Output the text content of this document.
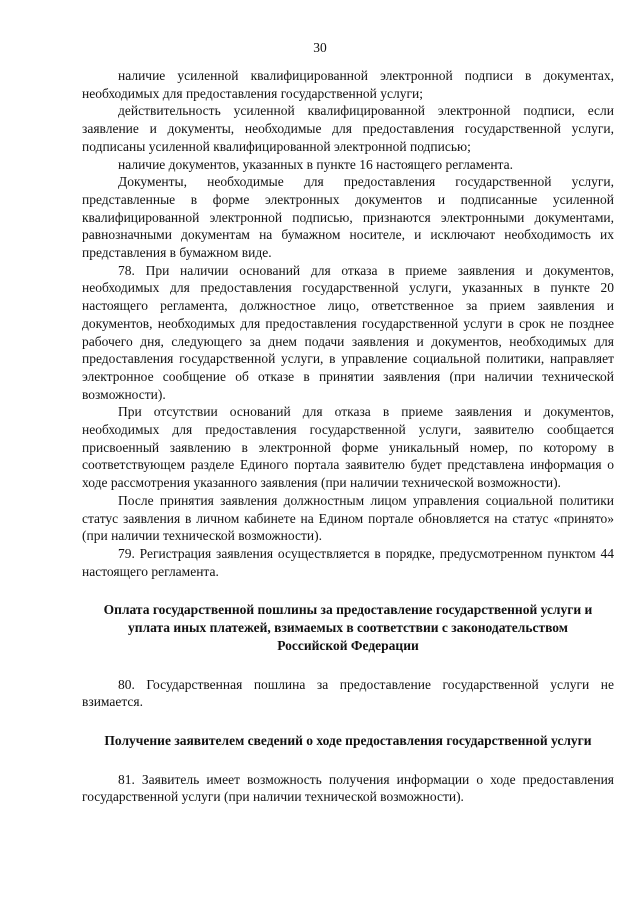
30

наличие усиленной квалифицированной электронной подписи в документах, необходимых для предоставления государственной услуги;

действительность усиленной квалифицированной электронной подписи, если заявление и документы, необходимые для предоставления государственной услуги, подписаны усиленной квалифицированной электронной подписью;

наличие документов, указанных в пункте 16 настоящего регламента.

Документы, необходимые для предоставления государственной услуги, представленные в форме электронных документов и подписанные усиленной квалифицированной электронной подписью, признаются электронными документами, равнозначными документам на бумажном носителе, и исключают необходимость их представления в бумажном виде.

78. При наличии оснований для отказа в приеме заявления и документов, необходимых для предоставления государственной услуги, указанных в пункте 20 настоящего регламента, должностное лицо, ответственное за прием заявления и документов, необходимых для предоставления государственной услуги в срок не позднее рабочего дня, следующего за днем подачи заявления и документов, необходимых для предоставления государственной услуги, в управление социальной политики, направляет электронное сообщение об отказе в принятии заявления (при наличии технической возможности).

При отсутствии оснований для отказа в приеме заявления и документов, необходимых для предоставления государственной услуги, заявителю сообщается присвоенный заявлению в электронной форме уникальный номер, по которому в соответствующем разделе Единого портала заявителю будет представлена информация о ходе рассмотрения указанного заявления (при наличии технической возможности).

После принятия заявления должностным лицом управления социальной политики статус заявления в личном кабинете на Едином портале обновляется на статус «принято» (при наличии технической возможности).

79. Регистрация заявления осуществляется в порядке, предусмотренном пунктом 44 настоящего регламента.

Оплата государственной пошлины за предоставление государственной услуги и уплата иных платежей, взимаемых в соответствии с законодательством Российской Федерации

80. Государственная пошлина за предоставление государственной услуги не взимается.

Получение заявителем сведений о ходе предоставления государственной услуги

81. Заявитель имеет возможность получения информации о ходе предоставления государственной услуги (при наличии технической возможности).
